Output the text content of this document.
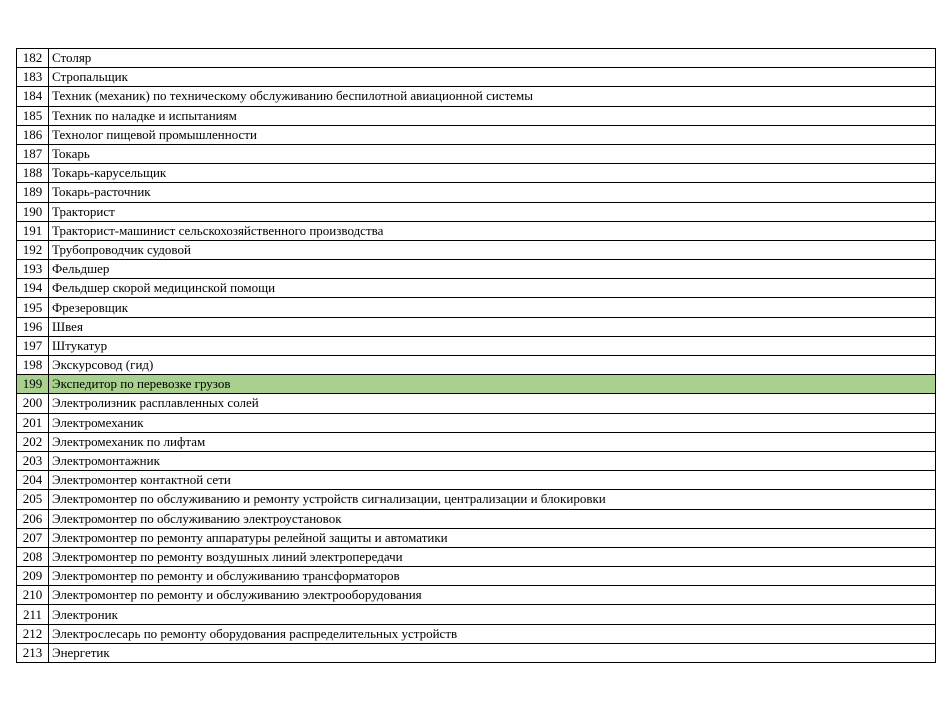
182	Столяр
183	Стропальщик
184	Техник (механик) по техническому обслуживанию беспилотной авиационной системы
185	Техник по наладке и испытаниям
186	Технолог пищевой промышленности
187	Токарь
188	Токарь-карусельщик
189	Токарь-расточник
190	Тракторист
191	Тракторист-машинист сельскохозяйственного производства
192	Трубопроводчик судовой
193	Фельдшер
194	Фельдшер скорой медицинской помощи
195	Фрезеровщик
196	Швея
197	Штукатур
198	Экскурсовод (гид)
199	Экспедитор по перевозке грузов
200	Электролизник расплавленных солей
201	Электромеханик
202	Электромеханик по лифтам
203	Электромонтажник
204	Электромонтер контактной сети
205	Электромонтер по обслуживанию и ремонту устройств сигнализации, централизации и блокировки
206	Электромонтер по обслуживанию электроустановок
207	Электромонтер по ремонту аппаратуры релейной защиты и автоматики
208	Электромонтер по ремонту воздушных линий электропередачи
209	Электромонтер по ремонту и обслуживанию трансформаторов
210	Электромонтер по ремонту и обслуживанию электрооборудования
211	Электроник
212	Электрослесарь по ремонту оборудования распределительных устройств
213	Энергетик
